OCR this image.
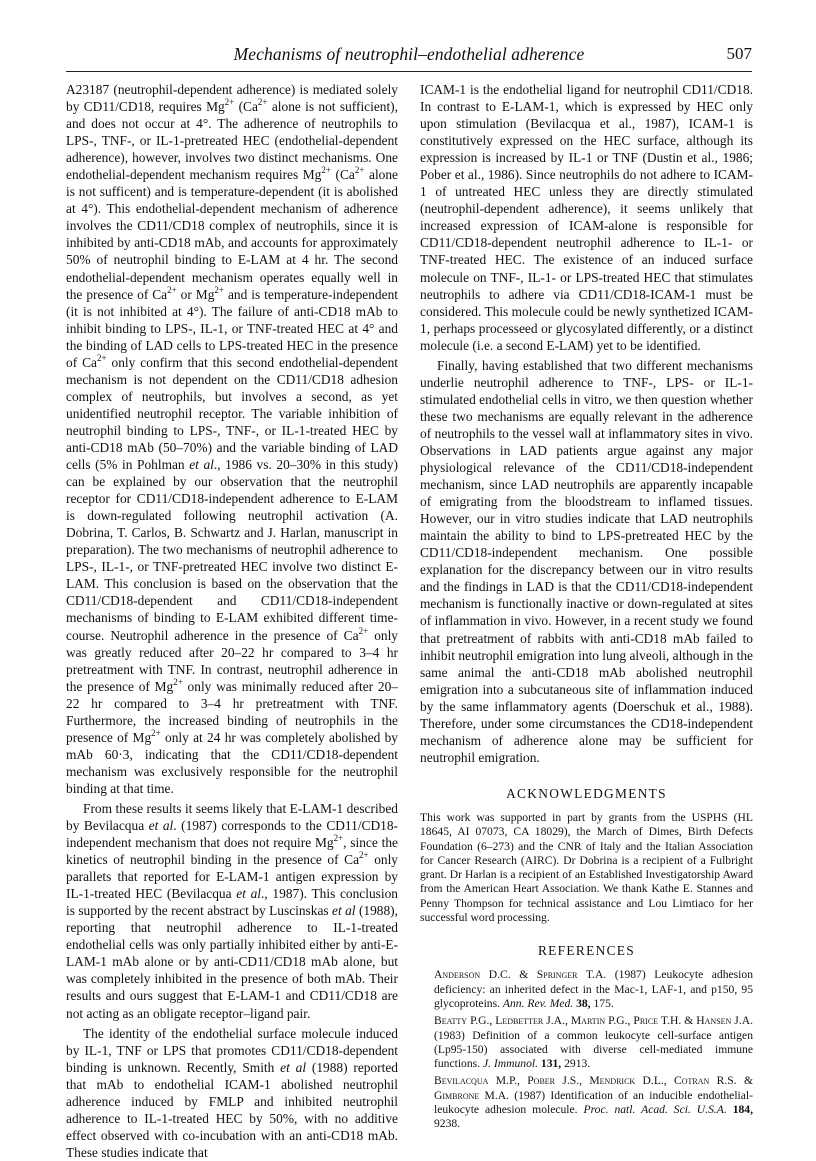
Mechanisms of neutrophil–endothelial adherence	507

A23187 (neutrophil-dependent adherence) is mediated solely by CD11/CD18, requires $Mg^{2+}$ ($Ca^{2+}$ alone is not sufficient), and does not occur at 4°. The adherence of neutrophils to LPS-, TNF-, or IL-1-pretreated HEC (endothelial-dependent adherence), however, involves two distinct mechanisms. One endothelial-dependent mechanism requires $Mg^{2+}$ ($Ca^{2+}$ alone is not sufficent) and is temperature-dependent (it is abolished at 4°). This endothelial-dependent mechanism of adherence involves the CD11/CD18 complex of neutrophils, since it is inhibited by anti-CD18 mAb, and accounts for approximately 50% of neutrophil binding to E-LAM at 4 hr. The second endothelial-dependent mechanism operates equally well in the presence of $Ca^{2+}$ or $Mg^{2+}$ and is temperature-independent (it is not inhibited at 4°). The failure of anti-CD18 mAb to inhibit binding to LPS-, IL-1, or TNF-treated HEC at 4° and the binding of LAD cells to LPS-treated HEC in the presence of $Ca^{2+}$ only confirm that this second endothelial-dependent mechanism is not dependent on the CD11/CD18 adhesion complex of neutrophils, but involves a second, as yet unidentified neutrophil receptor. The variable inhibition of neutrophil binding to LPS-, TNF-, or IL-1-treated HEC by anti-CD18 mAb (50–70%) and the variable binding of LAD cells (5% in Pohlman et al., 1986 vs. 20–30% in this study) can be explained by our observation that the neutrophil receptor for CD11/CD18-independent adherence to E-LAM is down-regulated following neutrophil activation (A. Dobrina, T. Carlos, B. Schwartz and J. Harlan, manuscript in preparation). The two mechanisms of neutrophil adherence to LPS-, IL-1-, or TNF-pretreated HEC involve two distinct E-LAM. This conclusion is based on the observation that the CD11/CD18-dependent and CD11/CD18-independent mechanisms of binding to E-LAM exhibited different time-course. Neutrophil adherence in the presence of $Ca^{2+}$ only was greatly reduced after 20–22 hr compared to 3–4 hr pretreatment with TNF. In contrast, neutrophil adherence in the presence of $Mg^{2+}$ only was minimally reduced after 20–22 hr compared to 3–4 hr pretreatment with TNF. Furthermore, the increased binding of neutrophils in the presence of $Mg^{2+}$ only at 24 hr was completely abolished by mAb 60·3, indicating that the CD11/CD18-dependent mechanism was exclusively responsible for the neutrophil binding at that time.

From these results it seems likely that E-LAM-1 described by Bevilacqua et al. (1987) corresponds to the CD11/CD18-independent mechanism that does not require $Mg^{2+}$, since the kinetics of neutrophil binding in the presence of $Ca^{2+}$ only parallets that reported for E-LAM-1 antigen expression by IL-1-treated HEC (Bevilacqua et al., 1987). This conclusion is supported by the recent abstract by Luscinskas et al (1988), reporting that neutrophil adherence to IL-1-treated endothelial cells was only partially inhibited either by anti-E-LAM-1 mAb alone or by anti-CD11/CD18 mAb alone, but was completely inhibited in the presence of both mAb. Their results and ours suggest that E-LAM-1 and CD11/CD18 are not acting as an obligate receptor–ligand pair.

The identity of the endothelial surface molecule induced by IL-1, TNF or LPS that promotes CD11/CD18-dependent binding is unknown. Recently, Smith et al (1988) reported that mAb to endothelial ICAM-1 abolished neutrophil adherence induced by FMLP and inhibited neutrophil adherence to IL-1-treated HEC by 50%, with no additive effect observed with co-incubation with an anti-CD18 mAb. These studies indicate that

ICAM-1 is the endothelial ligand for neutrophil CD11/CD18. In contrast to E-LAM-1, which is expressed by HEC only upon stimulation (Bevilacqua et al., 1987), ICAM-1 is constitutively expressed on the HEC surface, although its expression is increased by IL-1 or TNF (Dustin et al., 1986; Pober et al., 1986). Since neutrophils do not adhere to ICAM-1 of untreated HEC unless they are directly stimulated (neutrophil-dependent adherence), it seems unlikely that increased expression of ICAM-alone is responsible for CD11/CD18-dependent neutrophil adherence to IL-1- or TNF-treated HEC. The existence of an induced surface molecule on TNF-, IL-1- or LPS-treated HEC that stimulates neutrophils to adhere via CD11/CD18-ICAM-1 must be considered. This molecule could be newly synthetized ICAM-1, perhaps processeed or glycosylated differently, or a distinct molecule (i.e. a second E-LAM) yet to be identified.

Finally, having established that two different mechanisms underlie neutrophil adherence to TNF-, LPS- or IL-1-stimulated endothelial cells in vitro, we then question whether these two mechanisms are equally relevant in the adherence of neutrophils to the vessel wall at inflammatory sites in vivo. Observations in LAD patients argue against any major physiological relevance of the CD11/CD18-independent mechanism, since LAD neutrophils are apparently incapable of emigrating from the bloodstream to inflamed tissues. However, our in vitro studies indicate that LAD neutrophils maintain the ability to bind to LPS-pretreated HEC by the CD11/CD18-independent mechanism. One possible explanation for the discrepancy between our in vitro results and the findings in LAD is that the CD11/CD18-independent mechanism is functionally inactive or down-regulated at sites of inflammation in vivo. However, in a recent study we found that pretreatment of rabbits with anti-CD18 mAb failed to inhibit neutrophil emigration into lung alveoli, although in the same animal the anti-CD18 mAb abolished neutrophil emigration into a subcutaneous site of inflammation induced by the same inflammatory agents (Doerschuk et al., 1988). Therefore, under some circumstances the CD18-independent mechanism of adherence alone may be sufficient for neutrophil emigration.

ACKNOWLEDGMENTS

This work was supported in part by grants from the USPHS (HL 18645, AI 07073, CA 18029), the March of Dimes, Birth Defects Foundation (6–273) and the CNR of Italy and the Italian Association for Cancer Research (AIRC). Dr Dobrina is a recipient of a Fulbright grant. Dr Harlan is a recipient of an Established Investigatorship Award from the American Heart Association. We thank Kathe E. Stannes and Penny Thompson for technical assistance and Lou Limtiaco for her successful word processing.

REFERENCES

Anderson D.C. & Springer T.A. (1987) Leukocyte adhesion deficiency: an inherited defect in the Mac-1, LAF-1, and p150, 95 glycoproteins. Ann. Rev. Med. 38, 175.

Beatty P.G., Ledbetter J.A., Martin P.G., Price T.H. & Hansen J.A. (1983) Definition of a common leukocyte cell-surface antigen (Lp95-150) associated with diverse cell-mediated immune functions. J. Immunol. 131, 2913.

Bevilacqua M.P., Pober J.S., Mendrick D.L., Cotran R.S. & Gimbrone M.A. (1987) Identification of an inducible endothelial-leukocyte adhesion molecule. Proc. natl. Acad. Sci. U.S.A. 184, 9238.
